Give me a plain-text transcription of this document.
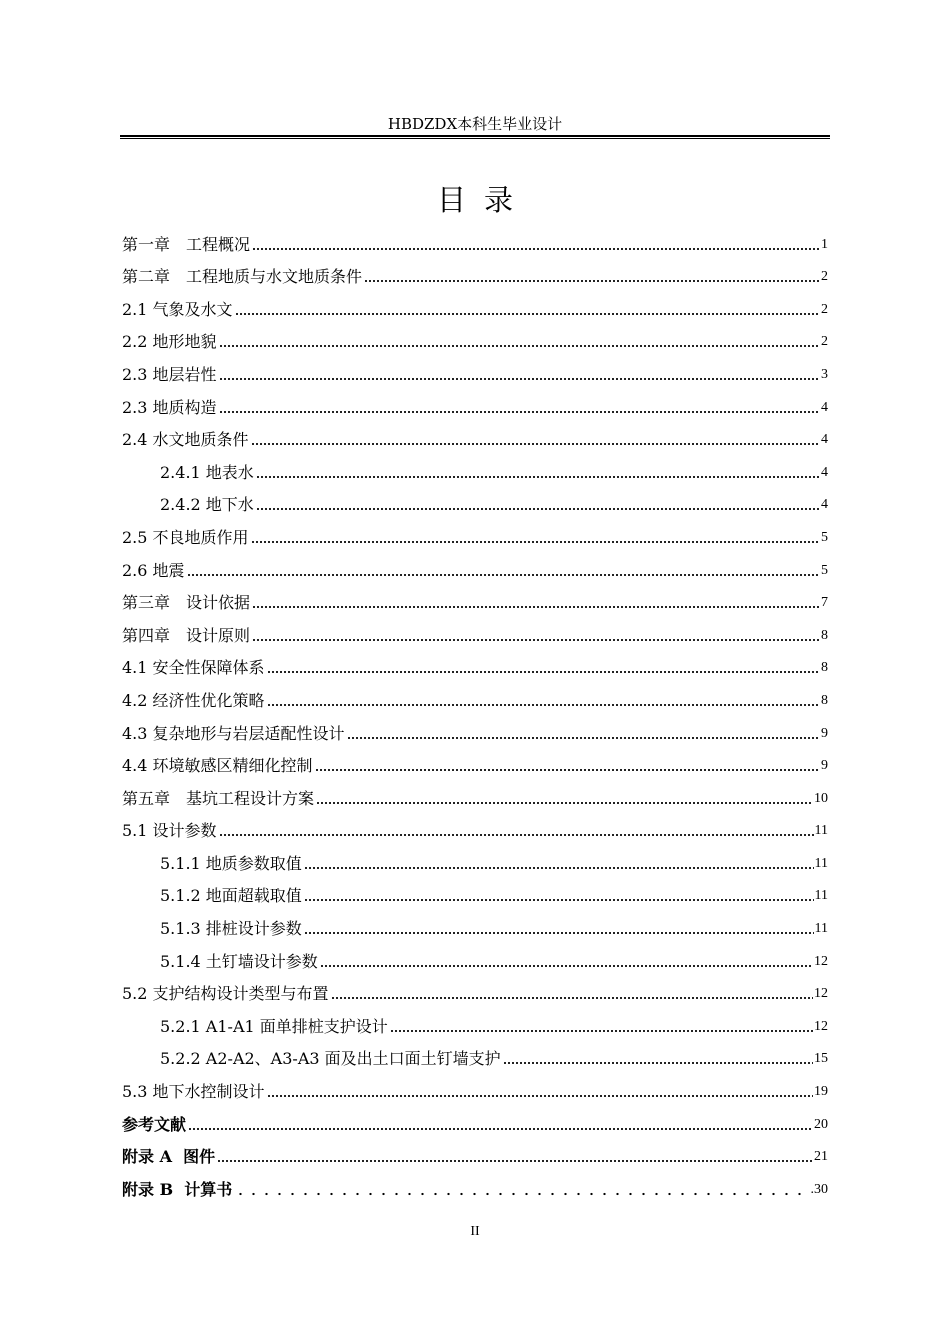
HBDZDX本科生毕业设计
目录
第一章　工程概况	1
第二章　工程地质与水文地质条件	2
2.1 气象及水文	2
2.2 地形地貌	2
2.3 地层岩性	3
2.3 地质构造	4
2.4 水文地质条件	4
2.4.1 地表水	4
2.4.2 地下水	4
2.5 不良地质作用	5
2.6 地震	5
第三章　设计依据	7
第四章　设计原则	8
4.1 安全性保障体系	8
4.2 经济性优化策略	8
4.3 复杂地形与岩层适配性设计	9
4.4 环境敏感区精细化控制	9
第五章　基坑工程设计方案	10
5.1 设计参数	11
5.1.1 地质参数取值	11
5.1.2 地面超载取值	11
5.1.3 排桩设计参数	11
5.1.4 土钉墙设计参数	12
5.2 支护结构设计类型与布置	12
5.2.1 A1-A1 面单排桩支护设计	12
5.2.2 A2-A2、A3-A3 面及出土口面土钉墙支护	15
5.3 地下水控制设计	19
参考文献	20
附录 A  图件	21
附录 B  计算书	.30
II
